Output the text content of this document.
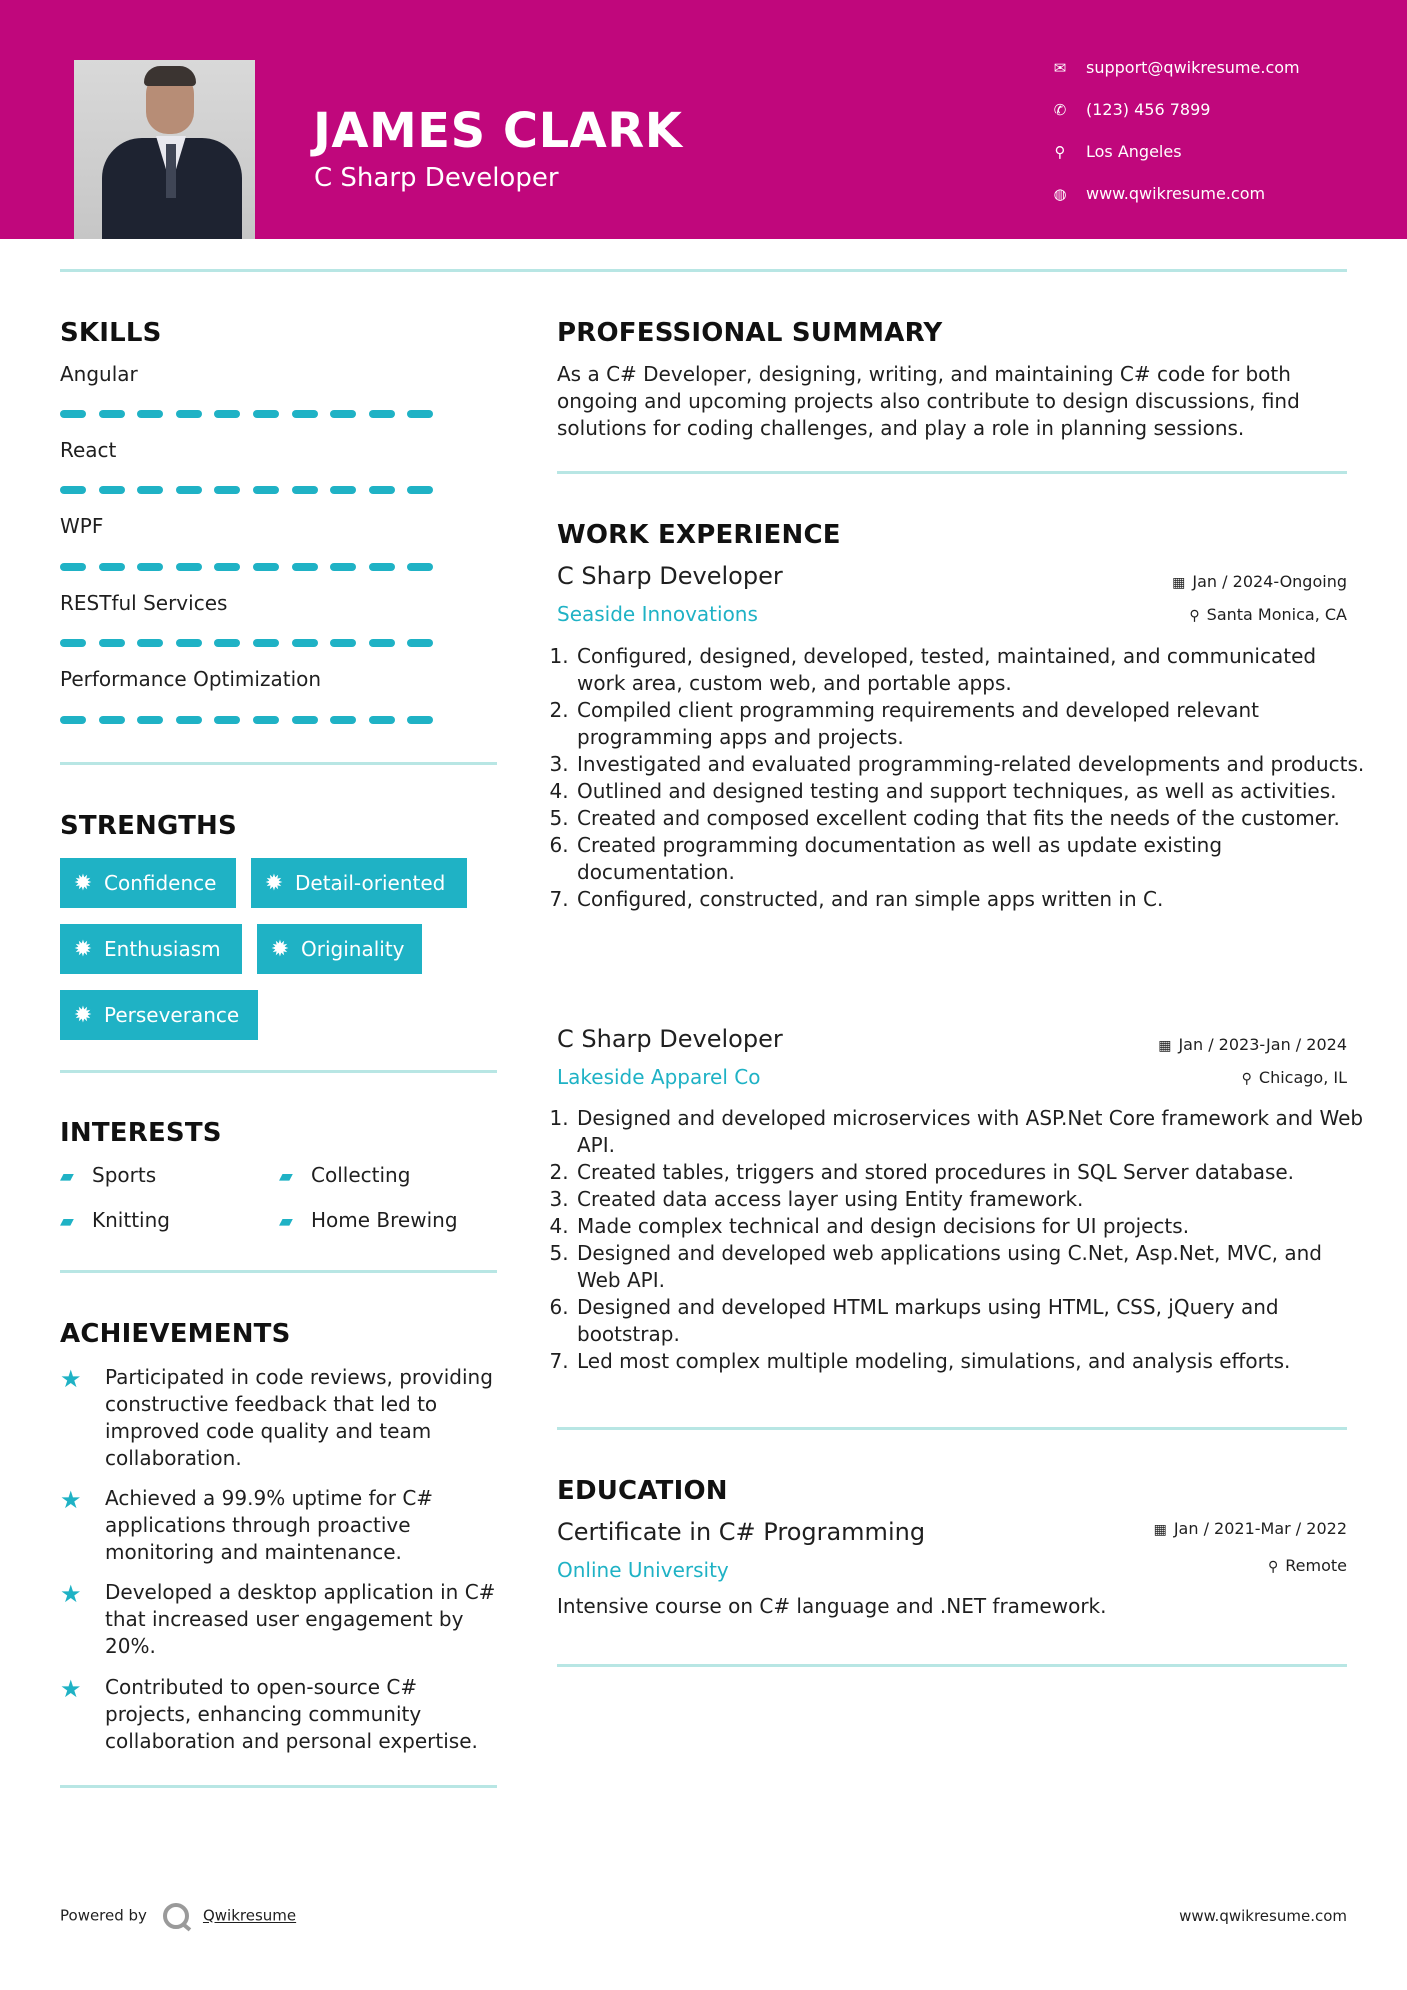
JAMES CLARK
C Sharp Developer
✉ support@qwikresume.com
✆ (123) 456 7899
⚲ Los Angeles
◍ www.qwikresume.com
SKILLS
Angular
React
WPF
RESTful Services
Performance Optimization
STRENGTHS
✹ Confidence	✹ Detail-oriented
✹ Enthusiasm	✹ Originality
✹ Perseverance
INTERESTS
▰ Sports	▰ Collecting
▰ Knitting	▰ Home Brewing
ACHIEVEMENTS
★	Participated in code reviews, providing constructive feedback that led to improved code quality and team collaboration.
★	Achieved a 99.9% uptime for C# applications through proactive monitoring and maintenance.
★	Developed a desktop application in C# that increased user engagement by 20%.
★	Contributed to open-source C# projects, enhancing community collaboration and personal expertise.
PROFESSIONAL SUMMARY
As a C# Developer, designing, writing, and maintaining C# code for both ongoing and upcoming projects also contribute to design discussions, find solutions for coding challenges, and play a role in planning sessions.
WORK EXPERIENCE
C Sharp Developer	▦ Jan / 2024-Ongoing
Seaside Innovations	⚲ Santa Monica, CA
1. Configured, designed, developed, tested, maintained, and communicated work area, custom web, and portable apps.
2. Compiled client programming requirements and developed relevant programming apps and projects.
3. Investigated and evaluated programming-related developments and products.
4. Outlined and designed testing and support techniques, as well as activities.
5. Created and composed excellent coding that fits the needs of the customer.
6. Created programming documentation as well as update existing documentation.
7. Configured, constructed, and ran simple apps written in C.
C Sharp Developer	▦ Jan / 2023-Jan / 2024
Lakeside Apparel Co	⚲ Chicago, IL
1. Designed and developed microservices with ASP.Net Core framework and Web API.
2. Created tables, triggers and stored procedures in SQL Server database.
3. Created data access layer using Entity framework.
4. Made complex technical and design decisions for UI projects.
5. Designed and developed web applications using C.Net, Asp.Net, MVC, and Web API.
6. Designed and developed HTML markups using HTML, CSS, jQuery and bootstrap.
7. Led most complex multiple modeling, simulations, and analysis efforts.
EDUCATION
Certificate in C# Programming	▦ Jan / 2021-Mar / 2022
Online University	⚲ Remote
Intensive course on C# language and .NET framework.
Powered by	Qwikresume	www.qwikresume.com
